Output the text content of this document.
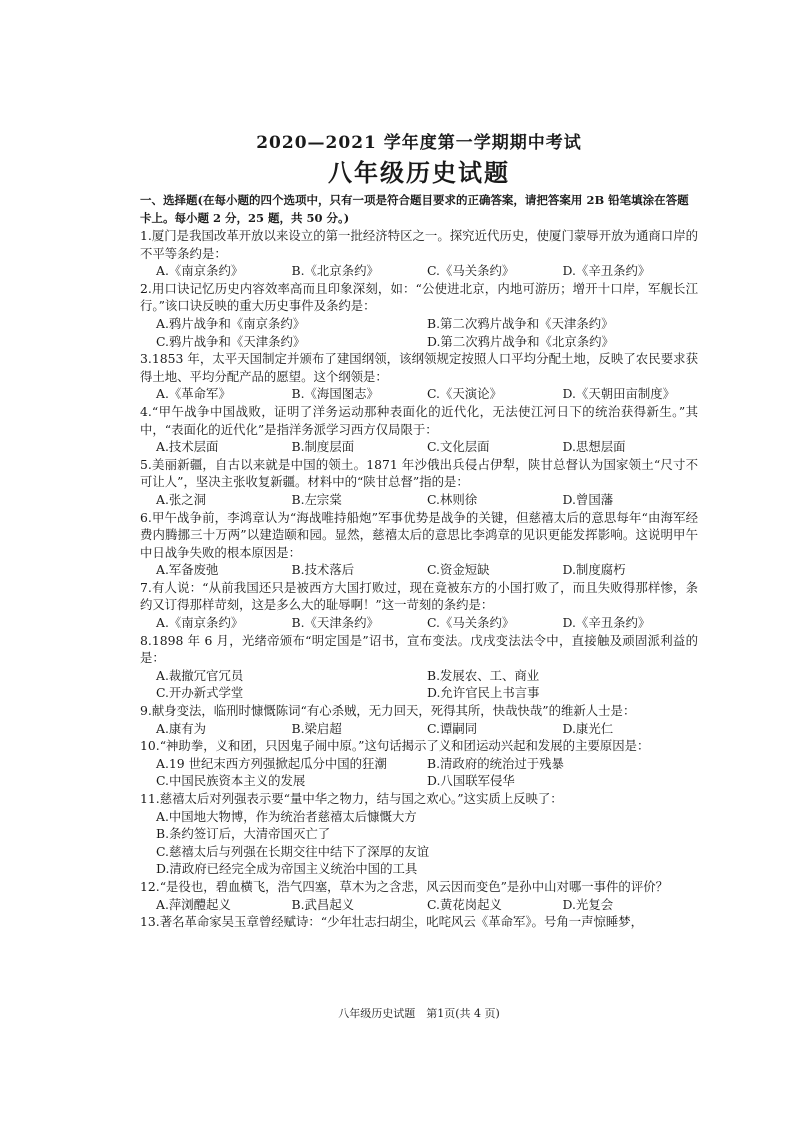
2020—2021 学年度第一学期期中考试
八年级历史试题

一、选择题(在每小题的四个选项中，只有一项是符合题目要求的正确答案，请把答案用 2B 铅笔填涂在答题卡上。每小题 2 分，25 题，共 50 分。)

1.厦门是我国改革开放以来设立的第一批经济特区之一。探究近代历史，使厦门蒙辱开放为通商口岸的不平等条约是：

A.《南京条约》	B.《北京条约》	C.《马关条约》	D.《辛丑条约》

2.用口诀记忆历史内容效率高而且印象深刻，如：“公使进北京，内地可游历；增开十口岸，军舰长江行。”该口诀反映的重大历史事件及条约是：

A.鸦片战争和《南京条约》	B.第二次鸦片战争和《天津条约》
C.鸦片战争和《天津条约》	D.第二次鸦片战争和《北京条约》

3.1853 年，太平天国制定并颁布了建国纲领，该纲领规定按照人口平均分配土地，反映了农民要求获得土地、平均分配产品的愿望。这个纲领是：

A.《革命军》	B.《海国图志》	C.《天演论》	D.《天朝田亩制度》

4.“甲午战争中国战败，证明了洋务运动那种表面化的近代化，无法使江河日下的统治获得新生。”其中，“表面化的近代化”是指洋务派学习西方仅局限于：

A.技术层面	B.制度层面	C.文化层面	D.思想层面

5.美丽新疆，自古以来就是中国的领土。1871 年沙俄出兵侵占伊犁，陕甘总督认为国家领土“尺寸不可让人”，坚决主张收复新疆。材料中的“陕甘总督”指的是：

A.张之洞	B.左宗棠	C.林则徐	D.曾国藩

6.甲午战争前，李鸿章认为“海战唯持船炮”军事优势是战争的关键，但慈禧太后的意思每年“由海军经费内腾挪三十万两”以建造颐和园。显然，慈禧太后的意思比李鸿章的见识更能发挥影响。这说明甲午中日战争失败的根本原因是：

A.军备废弛	B.技术落后	C.资金短缺	D.制度腐朽

7.有人说：“从前我国还只是被西方大国打败过，现在竟被东方的小国打败了，而且失败得那样惨，条约又订得那样苛刻，这是多么大的耻辱啊！”这一苛刻的条约是：

A.《南京条约》	B.《天津条约》	C.《马关条约》	D.《辛丑条约》

8.1898 年 6 月，光绪帝颁布“明定国是”诏书，宣布变法。戊戌变法法令中，直接触及顽固派利益的是：

A.裁撤冗官冗员	B.发展农、工、商业
C.开办新式学堂	D.允许官民上书言事

9.献身变法，临刑时慷慨陈词“有心杀贼，无力回天，死得其所，快哉快哉”的维新人士是：

A.康有为	B.梁启超	C.谭嗣同	D.康光仁

10.“神助拳，义和团，只因鬼子闹中原。”这句话揭示了义和团运动兴起和发展的主要原因是：

A.19 世纪末西方列强掀起瓜分中国的狂潮	B.清政府的统治过于残暴
C.中国民族资本主义的发展	D.八国联军侵华

11.慈禧太后对列强表示要“量中华之物力，结与国之欢心。”这实质上反映了：

A.中国地大物博，作为统治者慈禧太后慷慨大方
B.条约签订后，大清帝国灭亡了
C.慈禧太后与列强在长期交往中结下了深厚的友谊
D.清政府已经完全成为帝国主义统治中国的工具

12.“是役也，碧血横飞，浩气四塞，草木为之含悲，风云因而变色”是孙中山对哪一事件的评价？

A.萍浏醴起义	B.武昌起义	C.黄花岗起义	D.光复会

13.著名革命家吴玉章曾经赋诗：“少年壮志扫胡尘，叱咤风云《革命军》。号角一声惊睡梦，

八年级历史试题　第1页(共 4 页)
